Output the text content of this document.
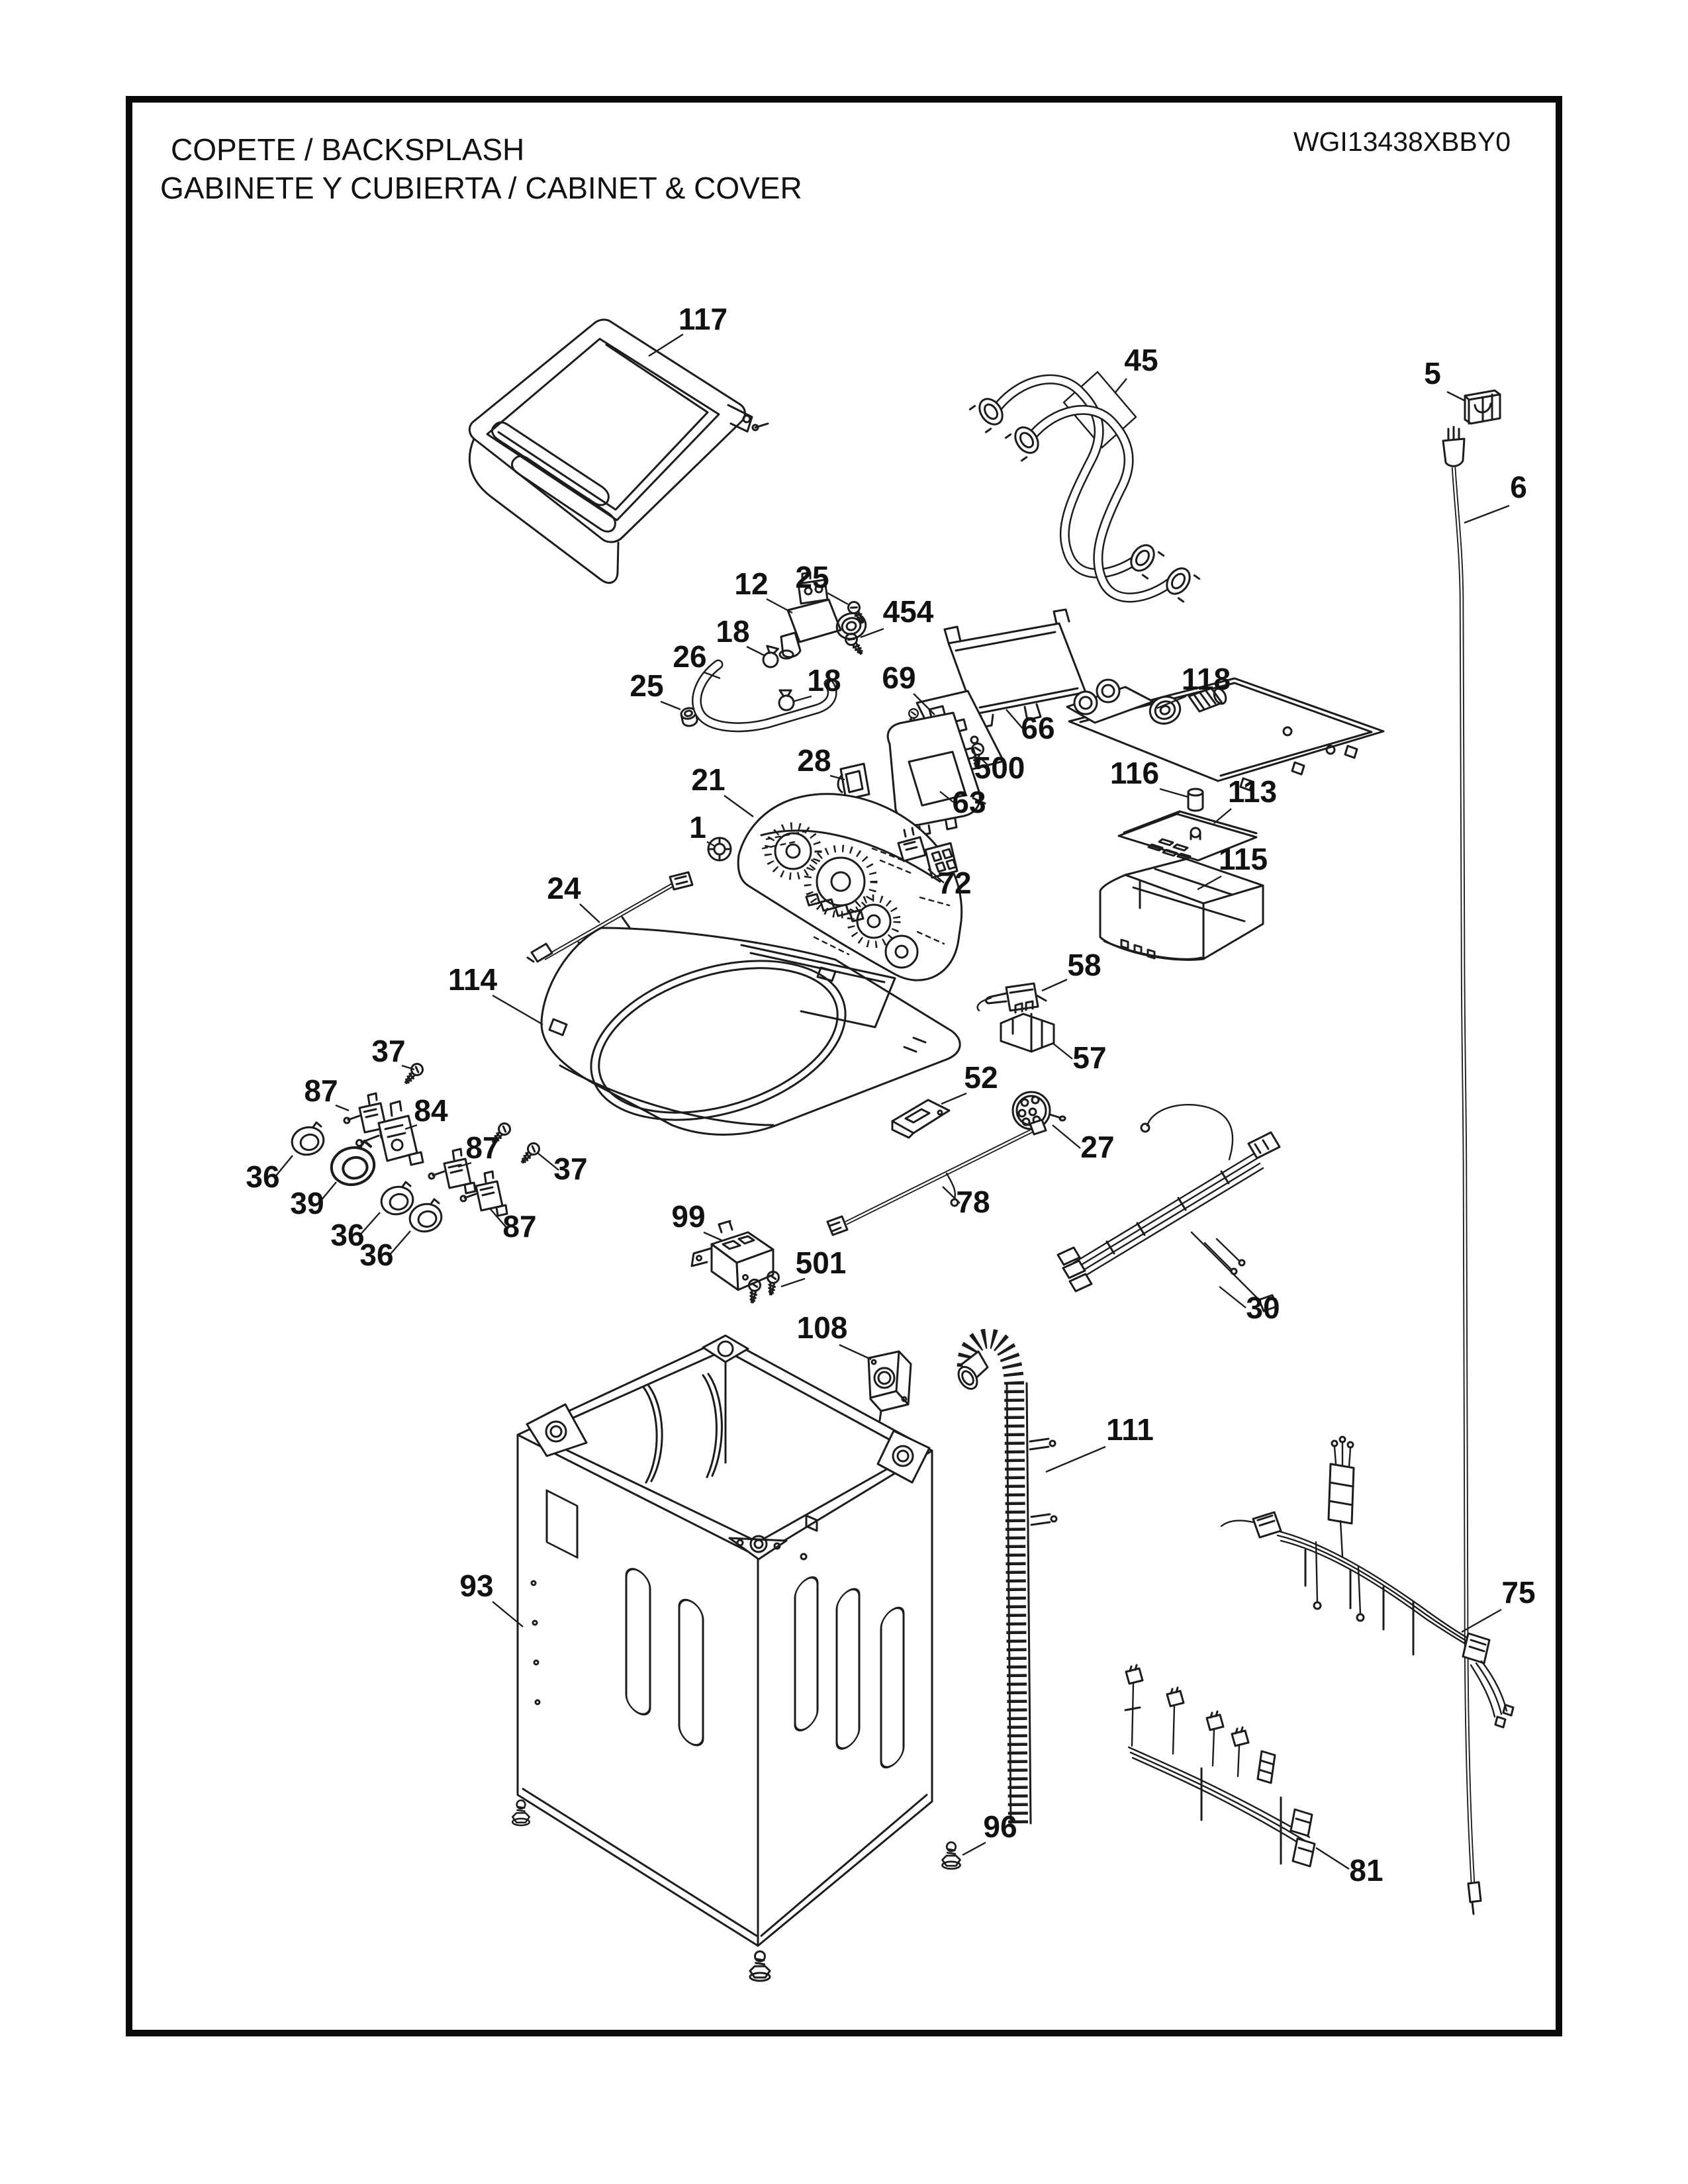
COPETE / BACKSPLASH
GABINETE Y CUBIERTA / CABINET & COVER
WGI13438XBBY0
117
45	5
6
12 25
454
18
26
25	18 69	118
66
500	116
28
63	113
21
115
1
72
24
58
114
57
37
87
84
52
27
36
39
87
37
78
36
36
87	99
501
30
108
111
93	75
96
81
